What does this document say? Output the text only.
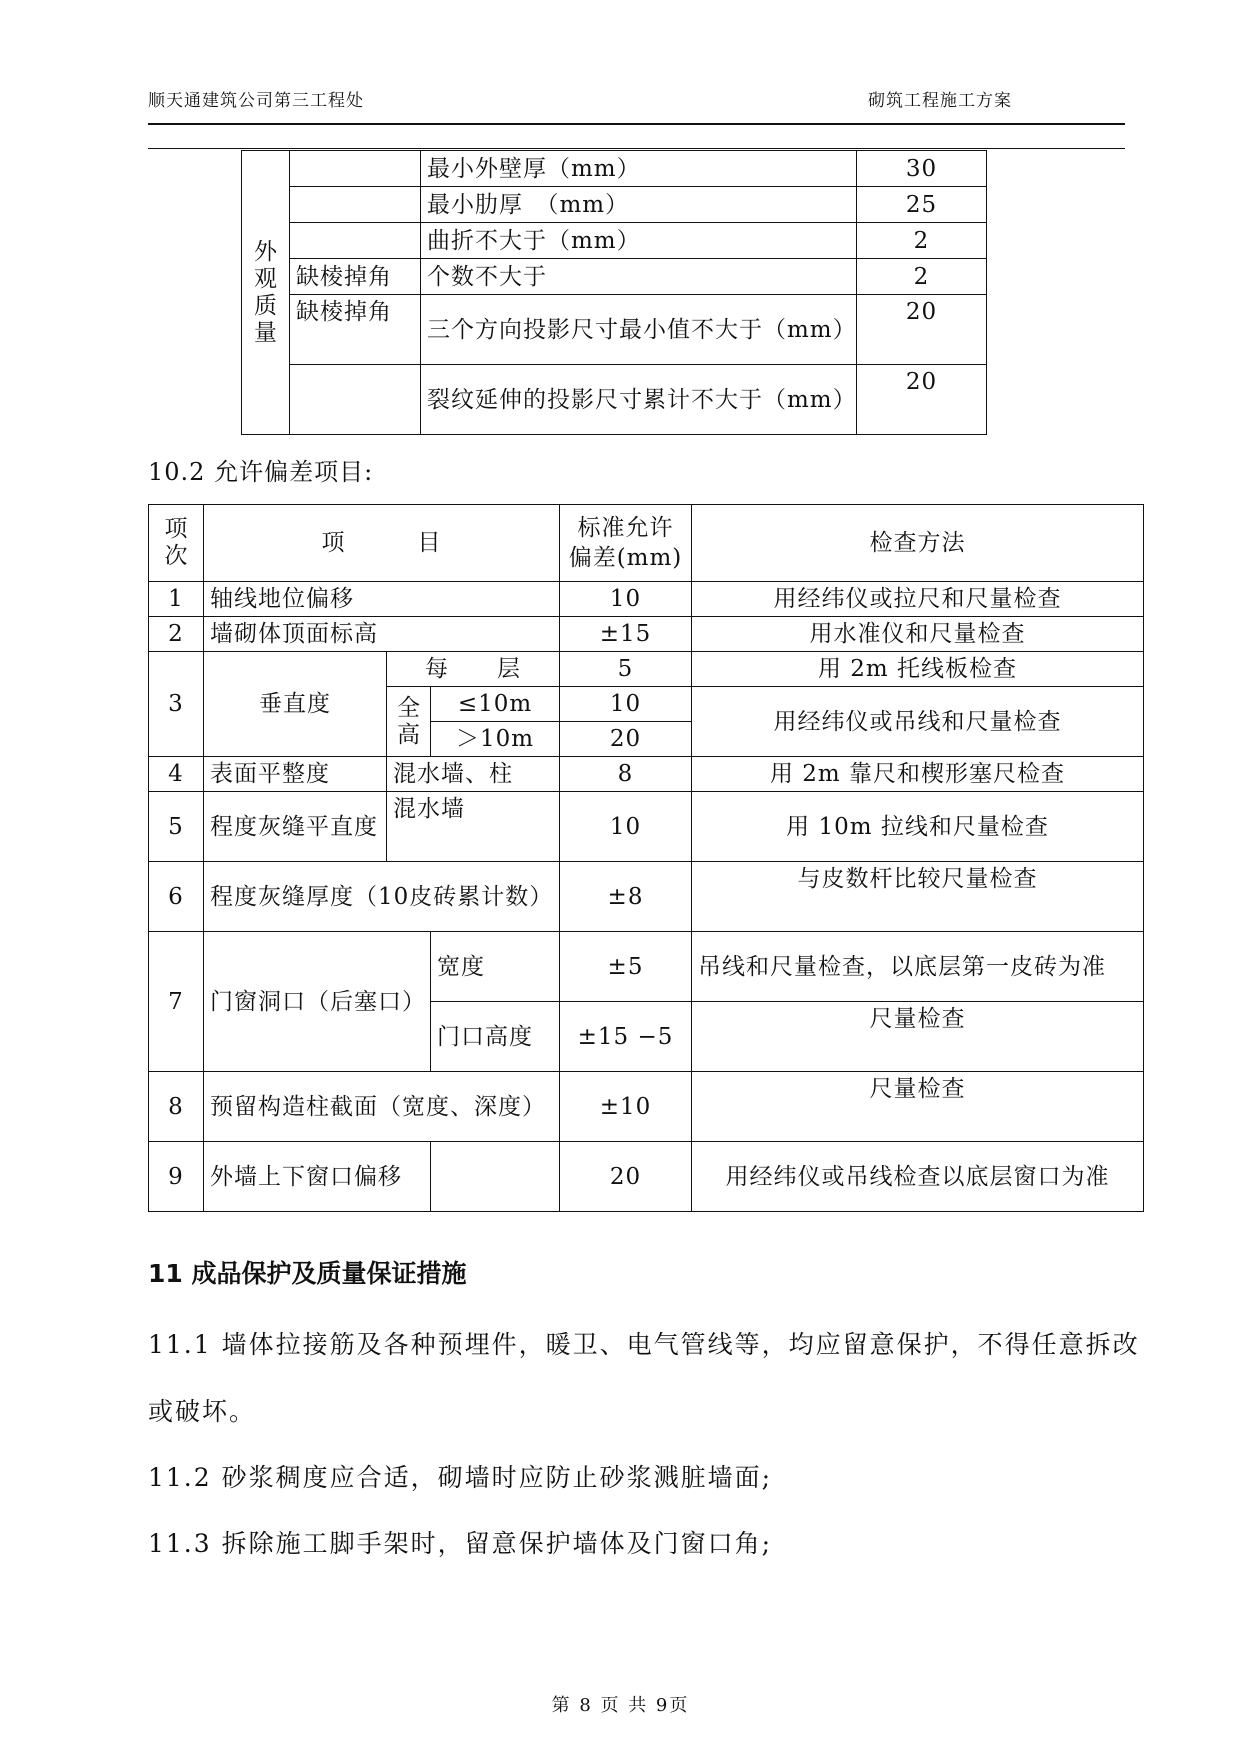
顺天通建筑公司第三工程处	砌筑工程施工方案
外观质量		最小外壁厚（mm）	30
		最小肋厚　（mm）	25
		曲折不大于（mm）	2
	缺棱掉角	个数不大于	2
	缺棱掉角	三个方向投影尺寸最小值不大于（mm）	20
		裂纹延伸的投影尺寸累计不大于（mm）	20
10.2 允许偏差项目:
项次	项　　　目			标准允许偏差(mm)	检查方法
1	轴线地位偏移			10	用经纬仪或拉尺和尺量检查
2	墙砌体顶面标高			±15	用水准仪和尺量检查
3	垂直度	每　　层		5	用 2m 托线板检查

		全高	≤10m	10	用经纬仪或吊线和尺量检查
			＞10m	20	
4	表面平整度	混水墙、柱		8	用 2m 靠尺和楔形塞尺检查
5	程度灰缝平直度	混水墙		10	用 10m 拉线和尺量检查
6	程度灰缝厚度（10皮砖累计数）			±8	与皮数杆比较尺量检查
7	门窗洞口（后塞口）		宽度	±5	吊线和尺量检查，以底层第一皮砖为准
			门口高度	±15 −5	尺量检查
8	预留构造柱截面（宽度、深度）			±10	尺量检查
9	外墙上下窗口偏移			20	用经纬仪或吊线检查以底层窗口为准
11 成品保护及质量保证措施
11.1 墙体拉接筋及各种预埋件，暖卫、电气管线等，均应留意保护，不得任意拆改
或破坏。
11.2 砂浆稠度应合适，砌墙时应防止砂浆溅脏墙面;
11.3 拆除施工脚手架时，留意保护墙体及门窗口角;
第 8 页 共 9页
